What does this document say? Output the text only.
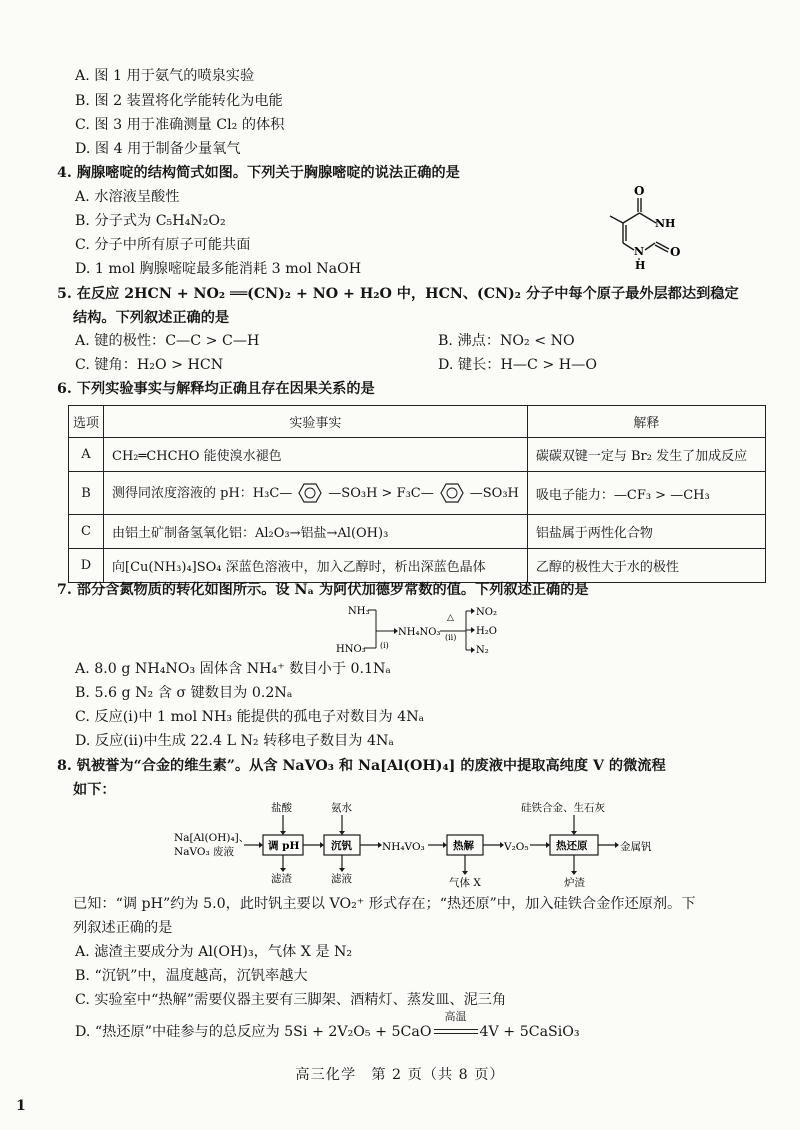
A. 图 1 用于氨气的喷泉实验
B. 图 2 装置将化学能转化为电能
C. 图 3 用于准确测量 Cl₂ 的体积
D. 图 4 用于制备少量氧气
4. 胸腺嘧啶的结构简式如图。下列关于胸腺嘧啶的说法正确的是
A. 水溶液呈酸性
B. 分子式为 C₅H₄N₂O₂
C. 分子中所有原子可能共面
D. 1 mol 胸腺嘧啶最多能消耗 3 mol NaOH
O
NH
N
H
O
5. 在反应 2HCN + NO₂ ══(CN)₂ + NO + H₂O 中，HCN、(CN)₂ 分子中每个原子最外层都达到稳定
结构。下列叙述正确的是
A. 键的极性：C—C > C—H	B. 沸点：NO₂ < NO
C. 键角：H₂O > HCN	D. 键长：H—C > H—O
6. 下列实验事实与解释均正确且存在因果关系的是
选项	实验事实	解释
A	CH₂═CHCHO 能使溴水褪色	碳碳双键一定与 Br₂ 发生了加成反应
B	测得同浓度溶液的 pH：H₃C— —SO₃H > F₃C— —SO₃H	吸电子能力：—CF₃ > —CH₃
C	由铝土矿制备氢氧化铝：Al₂O₃→铝盐→Al(OH)₃	铝盐属于两性化合物
D	向[Cu(NH₃)₄]SO₄ 深蓝色溶液中，加入乙醇时，析出深蓝色晶体	乙醇的极性大于水的极性
7. 部分含氮物质的转化如图所示。设 Nₐ 为阿伏加德罗常数的值。下列叙述正确的是
NH₃
HNO₃
NH₄NO₃
(i)
(ii)
△ NO₂
H₂O
N₂
A. 8.0 g NH₄NO₃ 固体含 NH₄⁺ 数目小于 0.1Nₐ
B. 5.6 g N₂ 含 σ 键数目为 0.2Nₐ
C. 反应(i)中 1 mol NH₃ 能提供的孤电子对数目为 4Nₐ
D. 反应(ii)中生成 22.4 L N₂ 转移电子数目为 4Nₐ
8. 钒被誉为“合金的维生素”。从含 NaVO₃ 和 Na[Al(OH)₄] 的废液中提取高纯度 V 的微流程
如下：
Na[Al(OH)₄]、
NaVO₃ 废液
盐酸	氨水	硅铁合金、生石灰
调 pH	沉钒	NH₄VO₃	热解	V₂O₅	热还原	金属钒
滤渣	滤液	气体 X	炉渣
已知：“调 pH”约为 5.0，此时钒主要以 VO₂⁺ 形式存在；“热还原”中，加入硅铁合金作还原剂。下
列叙述正确的是
A. 滤渣主要成分为 Al(OH)₃，气体 X 是 N₂
B. “沉钒”中，温度越高，沉钒率越大
C. 实验室中“热解”需要仪器主要有三脚架、酒精灯、蒸发皿、泥三角
D. “热还原”中硅参与的总反应为 5Si + 2V₂O₅ + 5CaO
高温
4V + 5CaSiO₃
高三化学　第 2 页（共 8 页）
1
